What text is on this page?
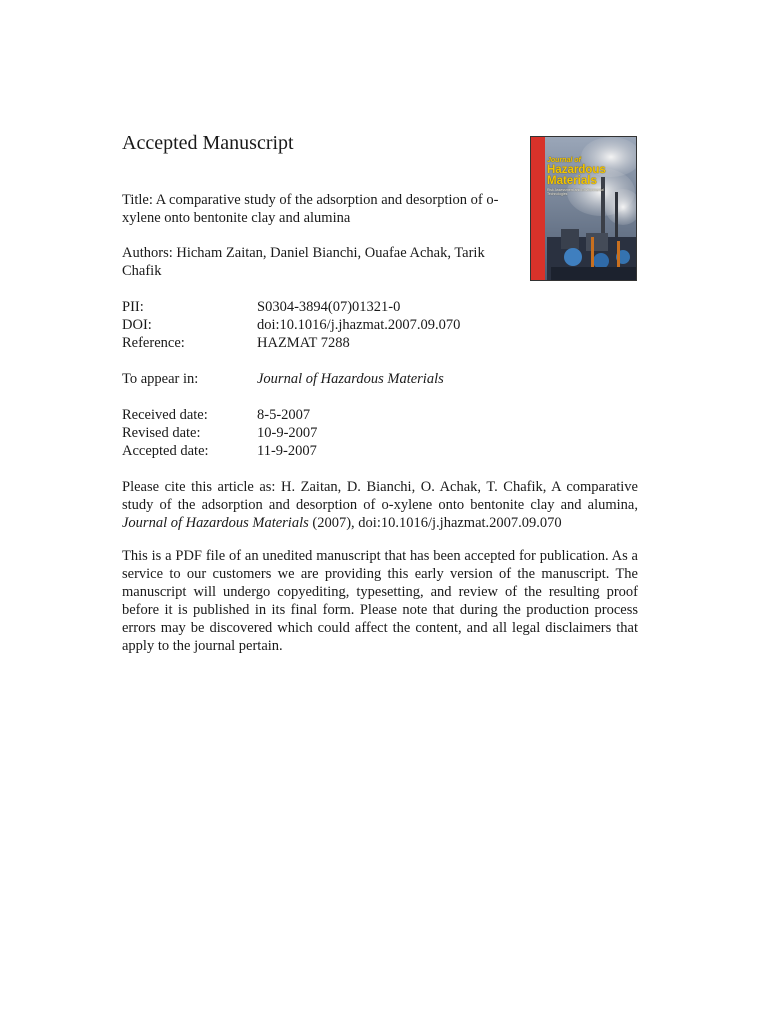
Accepted Manuscript
Journal of
Hazardous
Materials
Risk Assessment and Environmental Technologies
Title: A comparative study of the adsorption and desorption of o-xylene onto bentonite clay and alumina
Authors: Hicham Zaitan, Daniel Bianchi, Ouafae Achak, Tarik Chafik
PII:	S0304-3894(07)01321-0
DOI:	doi:10.1016/j.jhazmat.2007.09.070
Reference:	HAZMAT 7288
To appear in:	Journal of Hazardous Materials
Received date:	8-5-2007
Revised date:	10-9-2007
Accepted date:	11-9-2007
Please cite this article as: H. Zaitan, D. Bianchi, O. Achak, T. Chafik, A comparative study of the adsorption and desorption of o-xylene onto bentonite clay and alumina, Journal of Hazardous Materials (2007), doi:10.1016/j.jhazmat.2007.09.070
This is a PDF file of an unedited manuscript that has been accepted for publication. As a service to our customers we are providing this early version of the manuscript. The manuscript will undergo copyediting, typesetting, and review of the resulting proof before it is published in its final form. Please note that during the production process errors may be discovered which could affect the content, and all legal disclaimers that apply to the journal pertain.
